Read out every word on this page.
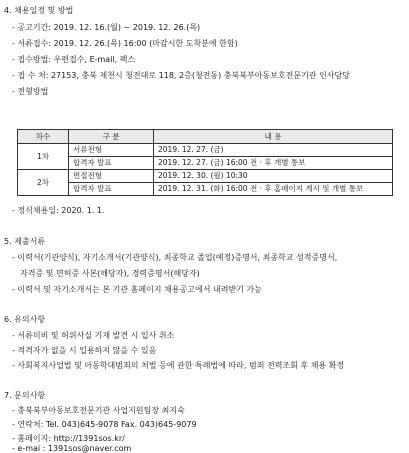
4. 채용일정 및 방법
- 공고기간: 2019. 12. 16.(월) ~ 2019. 12. 26.(목)
- 서류접수: 2019. 12. 26.(목) 16:00 (마감시한 도착분에 한함)
- 접수방법: 우편접수, E-mail, 팩스
- 접 수 처: 27153, 충북 제천시 청전대로 118, 2층(청전동) 충북북부아동보호전문기관 인사담당
- 전형방법
차수	구 분	내 용
1차	서류전형	2019. 12. 27. (금)
	합격자 발표	2019. 12. 27. (금) 16:00 전 · 후 개별 통보
2차	면접전형	2019. 12. 30. (월) 10:30
	합격자 발표	2019. 12. 31. (화) 16:00 전 · 후 홈페이지 게시 및 개별 통보
- 정식채용일: 2020. 1. 1.
5. 제출서류
- 이력서(기관양식), 자기소개서(기관양식), 최종학교 졸업(예정)증명서, 최종학교 성적증명서,
자격증 및 면허증 사본(해당자), 경력증명서(해당자)
- 이력서 및 자기소개서는 본 기관 홈페이지 채용공고에서 내려받기 가능
6. 유의사항
- 서류미비 및 허위사실 기재 발견 시 입사 취소
- 적격자가 없을 시 입용하지 않을 수 있음
- 사회복지사업법 및 아동학대범죄의 처벌 등에 관한 특례법에 따라, 범죄 전력조회 후 채용 확정
7. 문의사항
- 충북북부아동보호전문기관 사업지원팀장 최지숙
- 연락처: Tel. 043)645-9078 Fax. 043)645-9079
- 홈페이지: http://1391sos.kr/
- e-mai : 1391sos@naver.com
